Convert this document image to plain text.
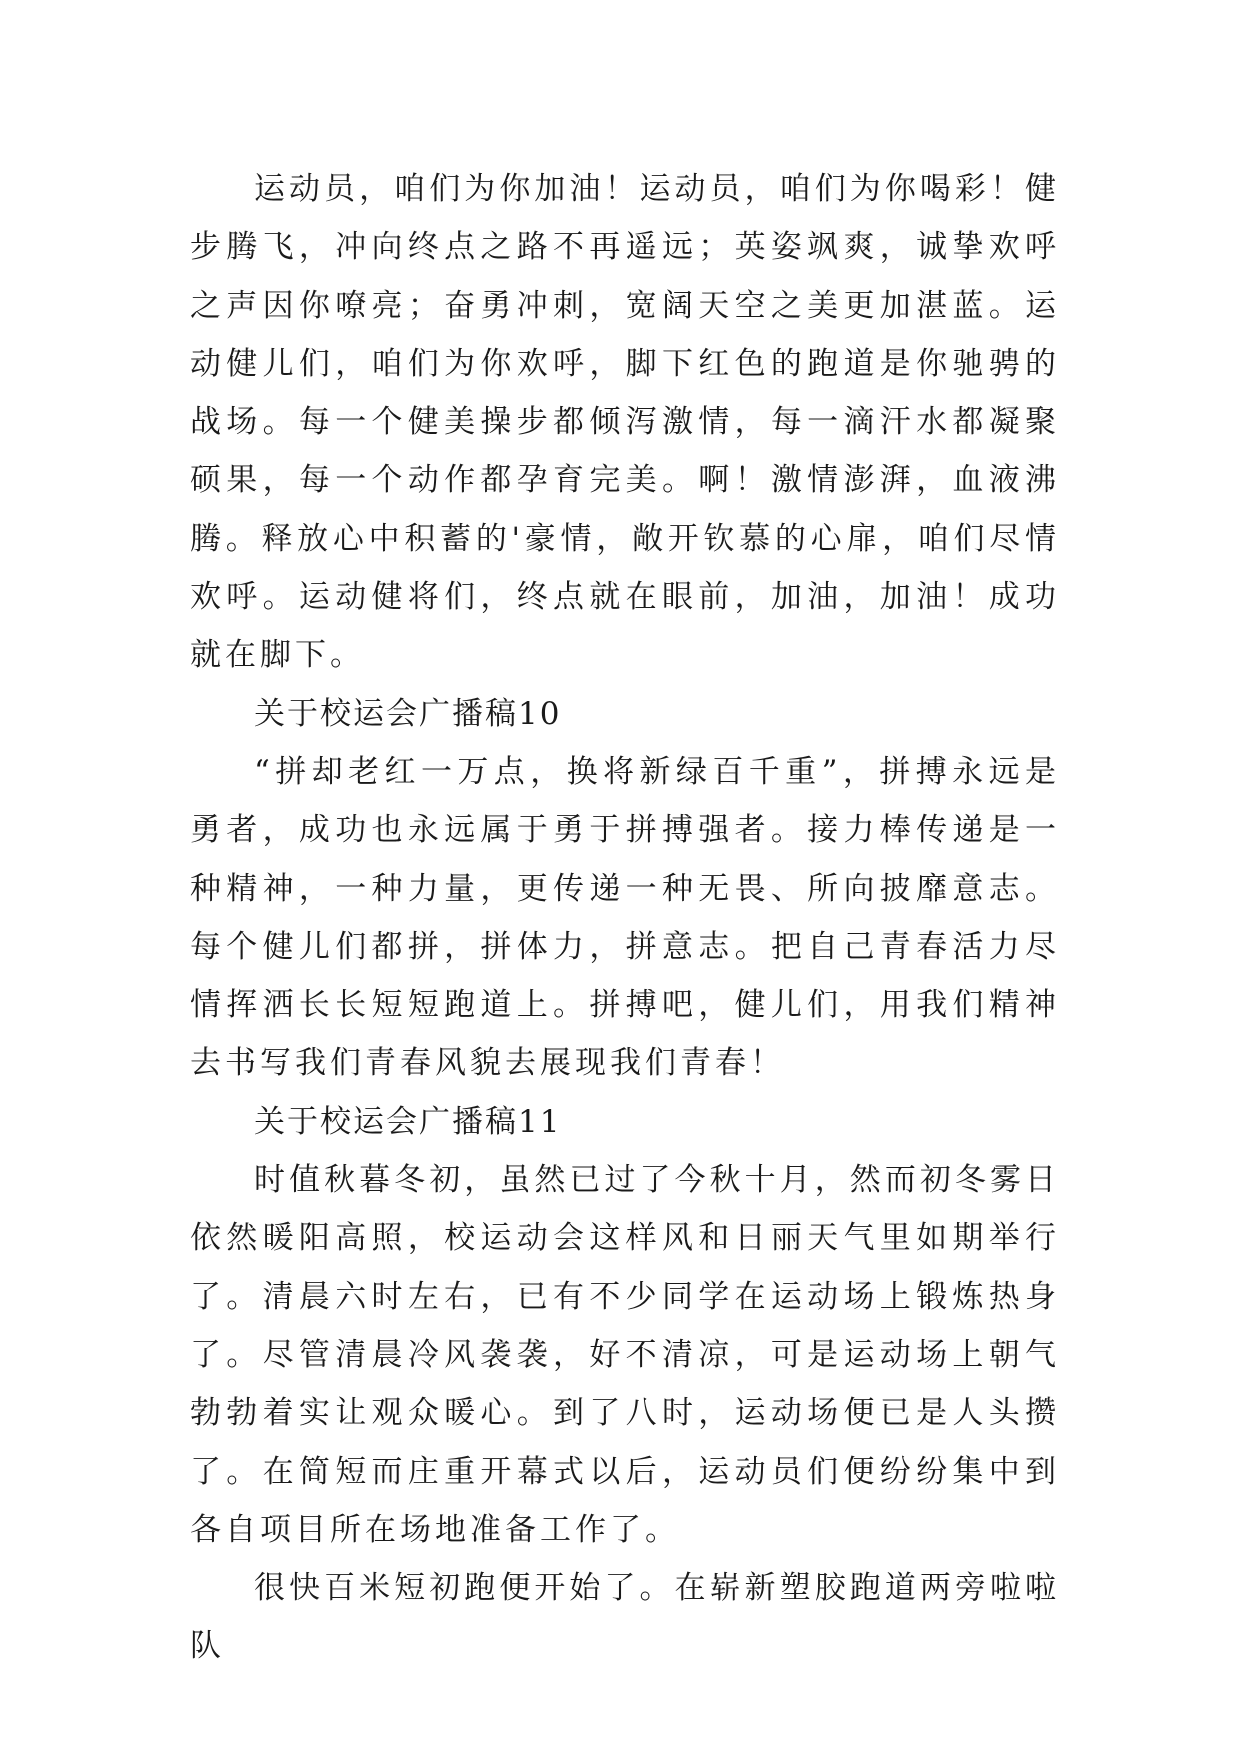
运动员，咱们为你加油！运动员，咱们为你喝彩！健步腾飞，冲向终点之路不再遥远；英姿飒爽，诚挚欢呼之声因你嘹亮；奋勇冲刺，宽阔天空之美更加湛蓝。运动健儿们，咱们为你欢呼，脚下红色的跑道是你驰骋的战场。每一个健美操步都倾泻激情，每一滴汗水都凝聚硕果，每一个动作都孕育完美。啊！激情澎湃，血液沸腾。释放心中积蓄的'豪情，敞开钦慕的心扉，咱们尽情欢呼。运动健将们，终点就在眼前，加油，加油！成功就在脚下。

关于校运会广播稿10

“拼却老红一万点，换将新绿百千重”，拼搏永远是勇者，成功也永远属于勇于拼搏强者。接力棒传递是一种精神，一种力量，更传递一种无畏、所向披靡意志。每个健儿们都拼，拼体力，拼意志。把自己青春活力尽情挥洒长长短短跑道上。拼搏吧，健儿们，用我们精神去书写我们青春风貌去展现我们青春！

关于校运会广播稿11

时值秋暮冬初，虽然已过了今秋十月，然而初冬雾日依然暖阳高照，校运动会这样风和日丽天气里如期举行了。清晨六时左右，已有不少同学在运动场上锻炼热身了。尽管清晨冷风袭袭，好不清凉，可是运动场上朝气勃勃着实让观众暖心。到了八时，运动场便已是人头攒了。在简短而庄重开幕式以后，运动员们便纷纷集中到各自项目所在场地准备工作了。

很快百米短初跑便开始了。在崭新塑胶跑道两旁啦啦队
